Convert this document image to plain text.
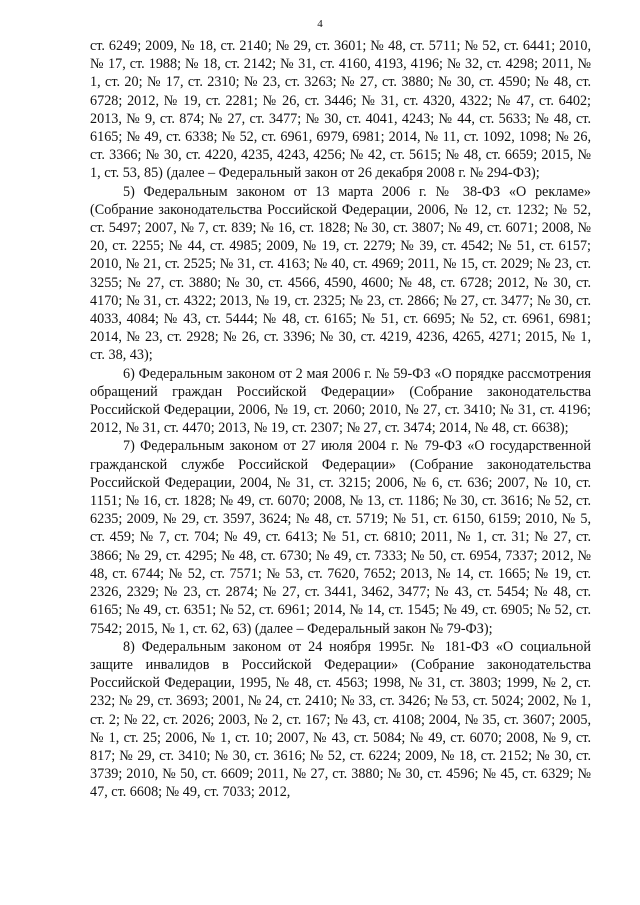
4

ст. 6249; 2009, № 18, ст. 2140; № 29, ст. 3601; № 48, ст. 5711; № 52, ст. 6441; 2010, № 17, ст. 1988; № 18, ст. 2142; № 31, ст. 4160, 4193, 4196; № 32, ст. 4298; 2011, № 1, ст. 20; № 17, ст. 2310; № 23, ст. 3263; № 27, ст. 3880; № 30, ст. 4590; № 48, ст. 6728; 2012, № 19, ст. 2281; № 26, ст. 3446; № 31, ст. 4320, 4322; № 47, ст. 6402; 2013, № 9, ст. 874; № 27, ст. 3477; № 30, ст. 4041, 4243; № 44, ст. 5633; № 48, ст. 6165; № 49, ст. 6338; № 52, ст. 6961, 6979, 6981; 2014, № 11, ст. 1092, 1098; № 26, ст. 3366; № 30, ст. 4220, 4235, 4243, 4256; № 42, ст. 5615; № 48, ст. 6659; 2015, № 1, ст. 53, 85) (далее – Федеральный закон от 26 декабря 2008 г. № 294-ФЗ);

5) Федеральным законом от 13 марта 2006 г. № 38-ФЗ «О рекламе» (Собрание законодательства Российской Федерации, 2006, № 12, ст. 1232; № 52, ст. 5497; 2007, № 7, ст. 839; № 16, ст. 1828; № 30, ст. 3807; № 49, ст. 6071; 2008, № 20, ст. 2255; № 44, ст. 4985; 2009, № 19, ст. 2279; № 39, ст. 4542; № 51, ст. 6157; 2010, № 21, ст. 2525; № 31, ст. 4163; № 40, ст. 4969; 2011, № 15, ст. 2029; № 23, ст. 3255; № 27, ст. 3880; № 30, ст. 4566, 4590, 4600; № 48, ст. 6728; 2012, № 30, ст. 4170; № 31, ст. 4322; 2013, № 19, ст. 2325; № 23, ст. 2866; № 27, ст. 3477; № 30, ст. 4033, 4084; № 43, ст. 5444; № 48, ст. 6165; № 51, ст. 6695; № 52, ст. 6961, 6981; 2014, № 23, ст. 2928; № 26, ст. 3396; № 30, ст. 4219, 4236, 4265, 4271; 2015, № 1, ст. 38, 43);

6) Федеральным законом от 2 мая 2006 г. № 59-ФЗ «О порядке рассмотрения обращений граждан Российской Федерации» (Собрание законодательства Российской Федерации, 2006, № 19, ст. 2060; 2010, № 27, ст. 3410; № 31, ст. 4196; 2012, № 31, ст. 4470; 2013, № 19, ст. 2307; № 27, ст. 3474; 2014, № 48, ст. 6638);

7) Федеральным законом от 27 июля 2004 г. № 79-ФЗ «О государственной гражданской службе Российской Федерации» (Собрание законодательства Российской Федерации, 2004, № 31, ст. 3215; 2006, № 6, ст. 636; 2007, № 10, ст. 1151; № 16, ст. 1828; № 49, ст. 6070; 2008, № 13, ст. 1186; № 30, ст. 3616; № 52, ст. 6235; 2009, № 29, ст. 3597, 3624; № 48, ст. 5719; № 51, ст. 6150, 6159; 2010, № 5, ст. 459; № 7, ст. 704; № 49, ст. 6413; № 51, ст. 6810; 2011, № 1, ст. 31; № 27, ст. 3866; № 29, ст. 4295; № 48, ст. 6730; № 49, ст. 7333; № 50, ст. 6954, 7337; 2012, № 48, ст. 6744; № 52, ст. 7571; № 53, ст. 7620, 7652; 2013, № 14, ст. 1665; № 19, ст. 2326, 2329; № 23, ст. 2874; № 27, ст. 3441, 3462, 3477; № 43, ст. 5454; № 48, ст. 6165; № 49, ст. 6351; № 52, ст. 6961; 2014, № 14, ст. 1545; № 49, ст. 6905; № 52, ст. 7542; 2015, № 1, ст. 62, 63) (далее – Федеральный закон № 79-ФЗ);

8) Федеральным законом от 24 ноября 1995г. № 181-ФЗ «О социальной защите инвалидов в Российской Федерации» (Собрание законодательства Российской Федерации, 1995, № 48, ст. 4563; 1998, № 31, ст. 3803; 1999, № 2, ст. 232; № 29, ст. 3693; 2001, № 24, ст. 2410; № 33, ст. 3426; № 53, ст. 5024; 2002, № 1, ст. 2; № 22, ст. 2026; 2003, № 2, ст. 167; № 43, ст. 4108; 2004, № 35, ст. 3607; 2005, № 1, ст. 25; 2006, № 1, ст. 10; 2007, № 43, ст. 5084; № 49, ст. 6070; 2008, № 9, ст. 817; № 29, ст. 3410; № 30, ст. 3616; № 52, ст. 6224; 2009, № 18, ст. 2152; № 30, ст. 3739; 2010, № 50, ст. 6609; 2011, № 27, ст. 3880; № 30, ст. 4596; № 45, ст. 6329; № 47, ст. 6608; № 49, ст. 7033; 2012,
